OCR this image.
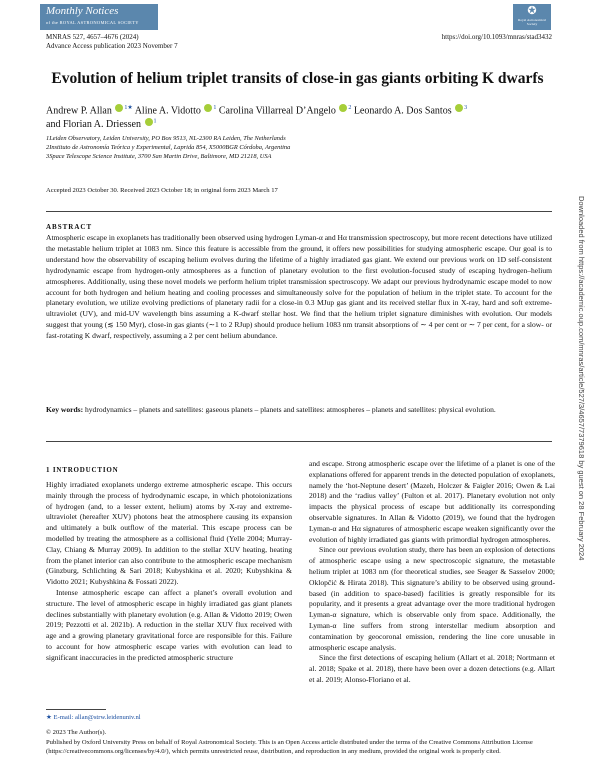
Monthly Notices
of the ROYAL ASTRONOMICAL SOCIETY
✪
Royal Astronomical Society
MNRAS 527, 4657–4676 (2024)	https://doi.org/10.1093/mnras/stad3432
Advance Access publication 2023 November 7
Evolution of helium triplet transits of close-in gas giants orbiting K dwarfs
Andrew P. Allan $^{1★}$ Aline A. Vidotto $^1$ Carolina Villarreal D’Angelo $^2$ Leonardo A. Dos Santos $^3$
and Florian A. Driessen $^1$
1Leiden Observatory, Leiden University, PO Box 9513, NL-2300 RA Leiden, The Netherlands
2Instituto de Astronomía Teórica y Experimental, Laprida 854, X5000BGR Córdoba, Argentina
3Space Telescope Science Institute, 3700 San Martin Drive, Baltimore, MD 21218, USA
Accepted 2023 October 30. Received 2023 October 18; in original form 2023 March 17
ABSTRACT
Atmospheric escape in exoplanets has traditionally been observed using hydrogen Lyman-α and Hα transmission spectroscopy, but more recent detections have utilized the metastable helium triplet at 1083 nm. Since this feature is accessible from the ground, it offers new possibilities for studying atmospheric escape. Our goal is to understand how the observability of escaping helium evolves during the lifetime of a highly irradiated gas giant. We extend our previous work on 1D self-consistent hydrodynamic escape from hydrogen-only atmospheres as a function of planetary evolution to the first evolution-focused study of escaping hydrogen–helium atmospheres. Additionally, using these novel models we perform helium triplet transmission spectroscopy. We adapt our previous hydrodynamic escape model to now account for both hydrogen and helium heating and cooling processes and simultaneously solve for the population of helium in the triplet state. To account for the planetary evolution, we utilize evolving predictions of planetary radii for a close-in 0.3 MJup gas giant and its received stellar flux in X-ray, hard and soft extreme-ultraviolet (UV), and mid-UV wavelength bins assuming a K-dwarf stellar host. We find that the helium triplet signature diminishes with evolution. Our models suggest that young (≲ 150 Myr), close-in gas giants (∼1 to 2 RJup) should produce helium 1083 nm transit absorptions of ∼ 4 per cent or ∼ 7 per cent, for a slow- or fast-rotating K dwarf, respectively, assuming a 2 per cent helium abundance.
Key words: hydrodynamics – planets and satellites: gaseous planets – planets and satellites: atmospheres – planets and satellites: physical evolution.
1 INTRODUCTION

Highly irradiated exoplanets undergo extreme atmospheric escape. This occurs mainly through the process of hydrodynamic escape, in which photoionizations of hydrogen (and, to a lesser extent, helium) atoms by X-ray and extreme-ultraviolet (hereafter XUV) photons heat the atmosphere causing its expansion and ultimately a bulk outflow of the material. This escape process can be modelled by treating the atmosphere as a collisional fluid (Yelle 2004; Murray-Clay, Chiang & Murray 2009). In addition to the stellar XUV heating, heating from the planet interior can also contribute to the atmospheric escape mechanism (Ginzburg, Schlichting & Sari 2018; Kubyshkina et al. 2020; Kubyshkina & Vidotto 2021; Kubyshkina & Fossati 2022).

Intense atmospheric escape can affect a planet’s overall evolution and structure. The level of atmospheric escape in highly irradiated gas giant planets declines substantially with planetary evolution (e.g. Allan & Vidotto 2019; Owen 2019; Pezzotti et al. 2021b). A reduction in the stellar XUV flux received with age and a growing planetary gravitational force are responsible for this. Failure to account for how atmospheric escape varies with evolution can lead to significant inaccuracies in the predicted atmospheric structure

and escape. Strong atmospheric escape over the lifetime of a planet is one of the explanations offered for apparent trends in the detected population of exoplanets, namely the ‘hot-Neptune desert’ (Mazeh, Holczer & Faigler 2016; Owen & Lai 2018) and the ‘radius valley’ (Fulton et al. 2017). Planetary evolution not only impacts the physical process of escape but additionally its corresponding observable signatures. In Allan & Vidotto (2019), we found that the hydrogen Lyman-α and Hα signatures of atmospheric escape weaken significantly over the evolution of highly irradiated gas giants with primordial hydrogen atmospheres.

Since our previous evolution study, there has been an explosion of detections of atmospheric escape using a new spectroscopic signature, the metastable helium triplet at 1083 nm (for theoretical studies, see Seager & Sasselov 2000; Oklopčić & Hirata 2018). This signature’s ability to be observed using ground-based (in addition to space-based) facilities is greatly responsible for its popularity, and it presents a great advantage over the more traditional hydrogen Lyman-α signature, which is observable only from space. Additionally, the Lyman-α line suffers from strong interstellar medium absorption and contamination by geocoronal emission, rendering the line core unusable in atmospheric escape analysis.

Since the first detections of escaping helium (Allart et al. 2018; Nortmann et al. 2018; Spake et al. 2018), there have been over a dozen detections (e.g. Allart et al. 2019; Alonso-Floriano et al.

★ E-mail: allan@strw.leidenuniv.nl
© 2023 The Author(s).
Published by Oxford University Press on behalf of Royal Astronomical Society. This is an Open Access article distributed under the terms of the Creative Commons Attribution License (https://creativecommons.org/licenses/by/4.0/), which permits unrestricted reuse, distribution, and reproduction in any medium, provided the original work is properly cited.
Downloaded from https://academic.oup.com/mnras/article/527/3/4657/7379618 by guest on 28 February 2024
